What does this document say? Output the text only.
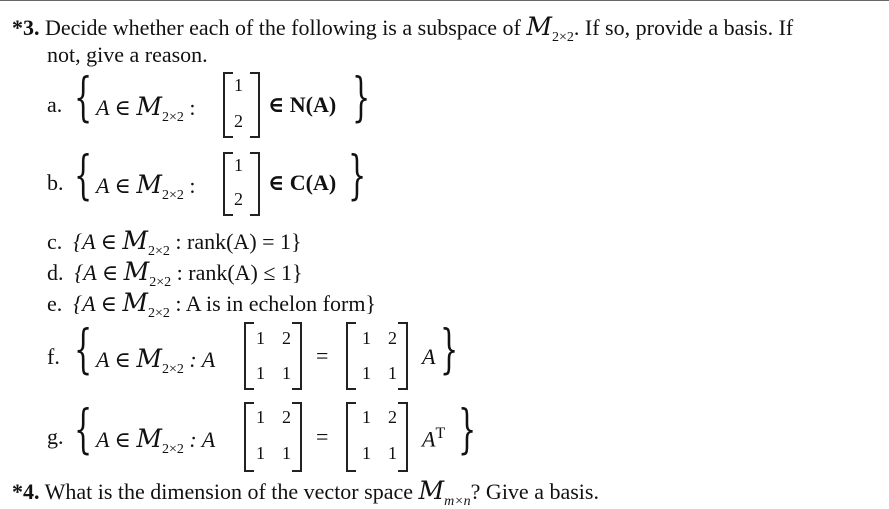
*3. Decide whether each of the following is a subspace of $M_{2\times 2}$. If so, provide a basis. If
not, give a reason.
a. { A ∈ $M_{2\times 2}$ :
1
2
∈ N(A) }
b. { A ∈ $M_{2\times 2}$ :
1
2
∈ C(A) }
c. {A ∈ $M_{2\times 2}$ : rank(A) = 1}
d. {A ∈ $M_{2\times 2}$ : rank(A) ≤ 1}
e. {A ∈ $M_{2\times 2}$ : A is in echelon form}
f. { A ∈ $M_{2\times 2}$ : A
1 2
1 1
=
1 2
1 1
A }
g. { A ∈ $M_{2\times 2}$ : A
1 2
1 1
=
1 2
1 1
$A^T$ }
*4. What is the dimension of the vector space $M_{m\times n}$? Give a basis.
